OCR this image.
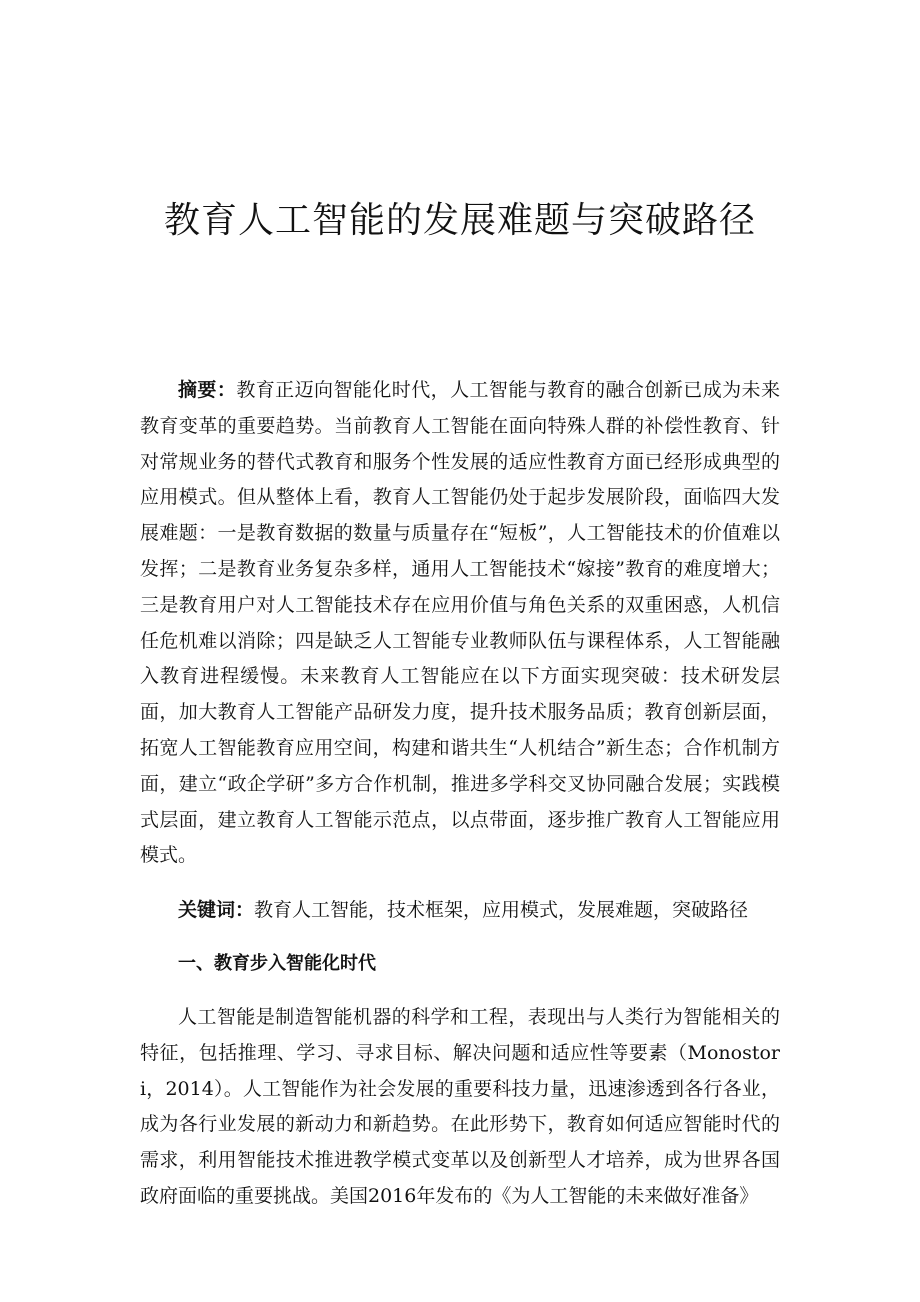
教育人工智能的发展难题与突破路径

摘要：教育正迈向智能化时代，人工智能与教育的融合创新已成为未来教育变革的重要趋势。当前教育人工智能在面向特殊人群的补偿性教育、针对常规业务的替代式教育和服务个性发展的适应性教育方面已经形成典型的应用模式。但从整体上看，教育人工智能仍处于起步发展阶段，面临四大发展难题：一是教育数据的数量与质量存在“短板”，人工智能技术的价值难以发挥；二是教育业务复杂多样，通用人工智能技术“嫁接”教育的难度增大；三是教育用户对人工智能技术存在应用价值与角色关系的双重困惑，人机信任危机难以消除；四是缺乏人工智能专业教师队伍与课程体系，人工智能融入教育进程缓慢。未来教育人工智能应在以下方面实现突破：技术研发层面，加大教育人工智能产品研发力度，提升技术服务品质；教育创新层面，拓宽人工智能教育应用空间，构建和谐共生“人机结合”新生态；合作机制方面，建立“政企学研”多方合作机制，推进多学科交叉协同融合发展；实践模式层面，建立教育人工智能示范点，以点带面，逐步推广教育人工智能应用模式。

关键词：教育人工智能，技术框架，应用模式，发展难题，突破路径

一、教育步入智能化时代

人工智能是制造智能机器的科学和工程，表现出与人类行为智能相关的特征，包括推理、学习、寻求目标、解决问题和适应性等要素（Monostori，2014）。人工智能作为社会发展的重要科技力量，迅速渗透到各行各业，成为各行业发展的新动力和新趋势。在此形势下，教育如何适应智能时代的需求，利用智能技术推进教学模式变革以及创新型人才培养，成为世界各国政府面临的重要挑战。美国2016年发布的《为人工智能的未来做好准备》
